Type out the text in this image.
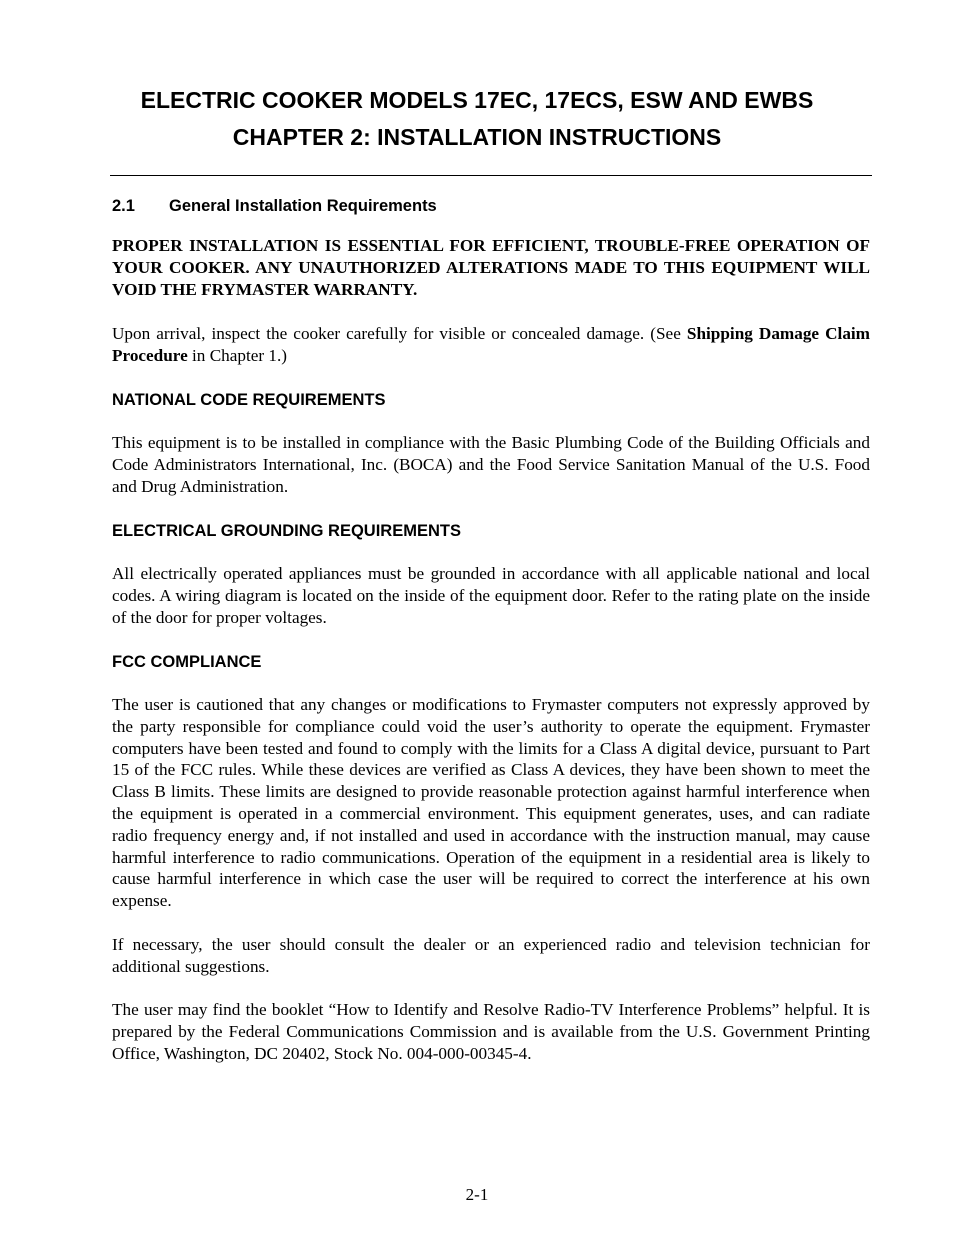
ELECTRIC COOKER MODELS 17EC, 17ECS, ESW AND EWBS
CHAPTER 2: INSTALLATION INSTRUCTIONS
2.1 General Installation Requirements

PROPER INSTALLATION IS ESSENTIAL FOR EFFICIENT, TROUBLE-FREE OPERATION OF YOUR COOKER. ANY UNAUTHORIZED ALTERATIONS MADE TO THIS EQUIPMENT WILL VOID THE FRYMASTER WARRANTY.

Upon arrival, inspect the cooker carefully for visible or concealed damage. (See Shipping Damage Claim Procedure in Chapter 1.)

NATIONAL CODE REQUIREMENTS

This equipment is to be installed in compliance with the Basic Plumbing Code of the Building Officials and Code Administrators International, Inc. (BOCA) and the Food Service Sanitation Manual of the U.S. Food and Drug Administration.

ELECTRICAL GROUNDING REQUIREMENTS

All electrically operated appliances must be grounded in accordance with all applicable national and local codes. A wiring diagram is located on the inside of the equipment door. Refer to the rating plate on the inside of the door for proper voltages.

FCC COMPLIANCE

The user is cautioned that any changes or modifications to Frymaster computers not expressly approved by the party responsible for compliance could void the user’s authority to operate the equipment. Frymaster computers have been tested and found to comply with the limits for a Class A digital device, pursuant to Part 15 of the FCC rules. While these devices are verified as Class A devices, they have been shown to meet the Class B limits. These limits are designed to provide reasonable protection against harmful interference when the equipment is operated in a commercial environment. This equipment generates, uses, and can radiate radio frequency energy and, if not installed and used in accordance with the instruction manual, may cause harmful interference to radio communications. Operation of the equipment in a residential area is likely to cause harmful interference in which case the user will be required to correct the interference at his own expense.

If necessary, the user should consult the dealer or an experienced radio and television technician for additional suggestions.

The user may find the booklet “How to Identify and Resolve Radio-TV Interference Problems” helpful. It is prepared by the Federal Communications Commission and is available from the U.S. Government Printing Office, Washington, DC 20402, Stock No. 004-000-00345-4.

2-1
